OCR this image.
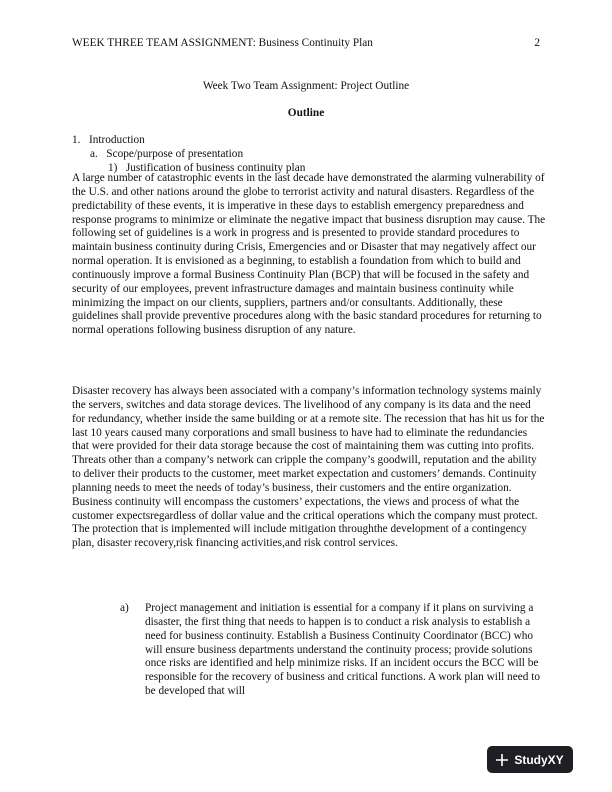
WEEK THREE TEAM ASSIGNMENT: Business Continuity Plan	2
Week Two Team Assignment: Project Outline
Outline
1.   Introduction
a.   Scope/purpose of presentation
1)   Justification of business continuity plan

A large number of catastrophic events in the last decade have demonstrated the alarming vulnerability of the U.S. and other nations around the globe to terrorist activity and natural disasters. Regardless of the predictability of these events, it is imperative in these days to establish emergency preparedness and response programs to minimize or eliminate the negative impact that business disruption may cause. The following set of guidelines is a work in progress and is presented to provide standard procedures to maintain business continuity during Crisis, Emergencies and or Disaster that may negatively affect our normal operation. It is envisioned as a beginning, to establish a foundation from which to build and continuously improve a formal Business Continuity Plan (BCP) that will be focused in the safety and security of our employees, prevent infrastructure damages and maintain business continuity while minimizing the impact on our clients, suppliers, partners and/or consultants. Additionally, these guidelines shall provide preventive procedures along with the basic standard procedures for returning to normal operations following business disruption of any nature.

Disaster recovery has always been associated with a company’s information technology systems mainly the servers, switches and data storage devices. The livelihood of any company is its data and the need for redundancy, whether inside the same building or at a remote site. The recession that has hit us for the last 10 years caused many corporations and small business to have had to eliminate the redundancies that were provided for their data storage because the cost of maintaining them was cutting into profits. Threats other than a company’s network can cripple the company’s goodwill, reputation and the ability to deliver their products to the customer, meet market expectation and customers’ demands. Continuity planning needs to meet the needs of today’s business, their customers and the entire organization. Business continuity will encompass the customers’ expectations, the views and process of what the customer expectsregardless of dollar value and the critical operations which the company must protect. The protection that is implemented will include mitigation throughthe development of a contingency plan, disaster recovery,risk financing activities,and risk control services.

a)	Project management and initiation is essential for a company if it plans on surviving a disaster, the first thing that needs to happen is to conduct a risk analysis to establish a need for business continuity. Establish a Business Continuity Coordinator (BCC) who will ensure business departments understand the continuity process; provide solutions once risks are identified and help minimize risks. If an incident occurs the BCC will be responsible for the recovery of business and critical functions. A work plan will need to be developed that will
StudyXY
